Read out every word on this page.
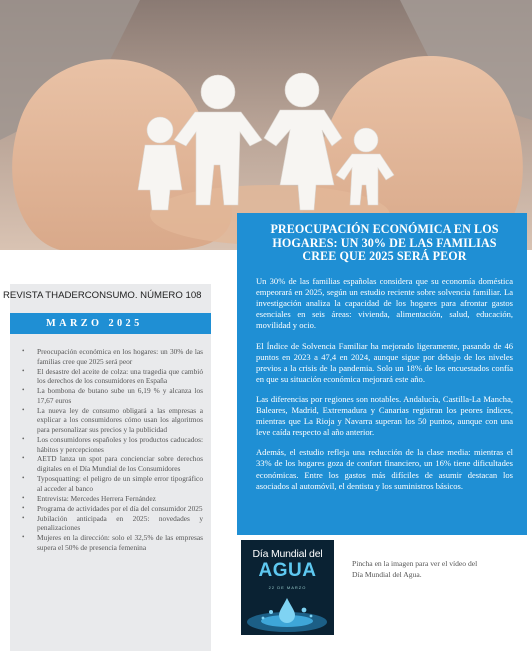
PREOCUPACIÓN ECONÓMICA EN LOS HOGARES: UN 30% DE LAS FAMILIAS CREE QUE 2025 SERÁ PEOR

Un 30% de las familias españolas considera que su economía doméstica empeorará en 2025, según un estudio reciente sobre solvencia familiar. La investigación analiza la capacidad de los hogares para afrontar gastos esenciales en seis áreas: vivienda, alimentación, salud, educación, movilidad y ocio.

El Índice de Solvencia Familiar ha mejorado ligeramente, pasando de 46 puntos en 2023 a 47,4 en 2024, aunque sigue por debajo de los niveles previos a la crisis de la pandemia. Solo un 18% de los encuestados confía en que su situación económica mejorará este año.

Las diferencias por regiones son notables. Andalucía, Castilla-La Mancha, Baleares, Madrid, Extremadura y Canarias registran los peores índices, mientras que La Rioja y Navarra superan los 50 puntos, aunque con una leve caída respecto al año anterior.

Además, el estudio refleja una reducción de la clase media: mientras el 33% de los hogares goza de confort financiero, un 16% tiene dificultades económicas. Entre los gastos más difíciles de asumir destacan los asociados al automóvil, el dentista y los suministros básicos.

REVISTA THADERCONSUMO. NÚMERO 108
MARZO 2025
• Preocupación económica en los hogares: un 30% de las familias cree que 2025 será peor
• El desastre del aceite de colza: una tragedia que cambió los derechos de los consumidores en España
• La bombona de butano sube un 6,19 % y alcanza los 17,67 euros
• La nueva ley de consumo obligará a las empresas a explicar a los consumidores cómo usan los algoritmos para personalizar sus precios y la publicidad
• Los consumidores españoles y los productos caducados: hábitos y percepciones
• AETD lanza un spot para concienciar sobre derechos digitales en el Día Mundial de los Consumidores
• Typosquatting: el peligro de un simple error tipográfico al acceder al banco
• Entrevista: Mercedes Herrera Fernández
• Programa de actividades por el día del consumidor 2025
• Jubilación anticipada en 2025: novedades y penalizaciones
• Mujeres en la dirección: solo el 32,5% de las empresas supera el 50% de presencia femenina
Día Mundial del
AGUA
22 DE MARZO
Pincha en la imagen para ver el vídeo del Día Mundial del Agua.
